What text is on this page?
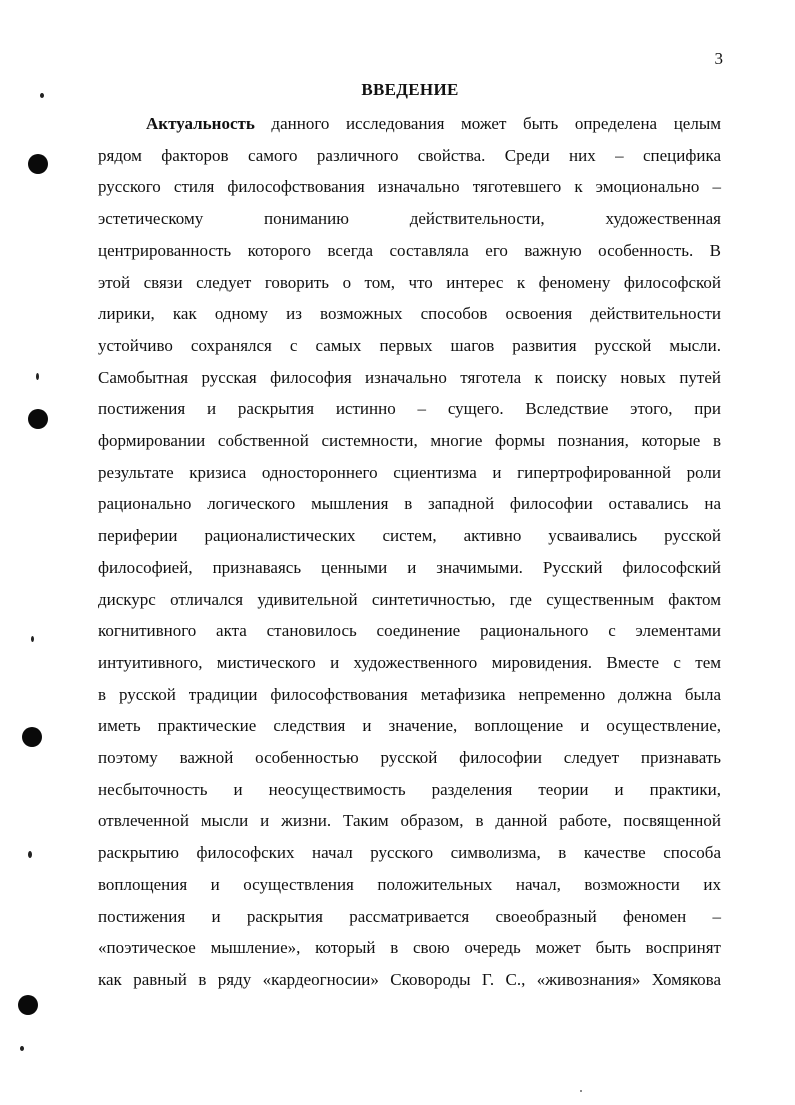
3
ВВЕДЕНИЕ
Актуальность данного исследования может быть определена целым
рядом факторов самого различного свойства. Среди них – специфика
русского стиля философствования изначально тяготевшего к эмоционально –
эстетическому пониманию действительности, художественная
центрированность которого всегда составляла его важную особенность. В
этой связи следует говорить о том, что интерес к феномену философской
лирики, как одному из возможных способов освоения действительности
устойчиво сохранялся с самых первых шагов развития русской мысли.
Самобытная русская философия изначально тяготела к поиску новых путей
постижения и раскрытия истинно – сущего. Вследствие этого, при
формировании собственной системности, многие формы познания, которые в
результате кризиса одностороннего сциентизма и гипертрофированной роли
рационально логического мышления в западной философии оставались на
периферии рационалистических систем, активно усваивались русской
философией, признаваясь ценными и значимыми. Русский философский
дискурс отличался удивительной синтетичностью, где существенным фактом
когнитивного акта становилось соединение рационального с элементами
интуитивного, мистического и художественного мировидения. Вместе с тем
в русской традиции философствования метафизика непременно должна была
иметь практические следствия и значение, воплощение и осуществление,
поэтому важной особенностью русской философии следует признавать
несбыточность и неосуществимость разделения теории и практики,
отвлеченной мысли и жизни. Таким образом, в данной работе, посвященной
раскрытию философских начал русского символизма, в качестве способа
воплощения и осуществления положительных начал, возможности их
постижения и раскрытия рассматривается своеобразный феномен –
«поэтическое мышление», который в свою очередь может быть воспринят
как равный в ряду «кардеогносии» Сковороды Г. С., «живознания» Хомякова
